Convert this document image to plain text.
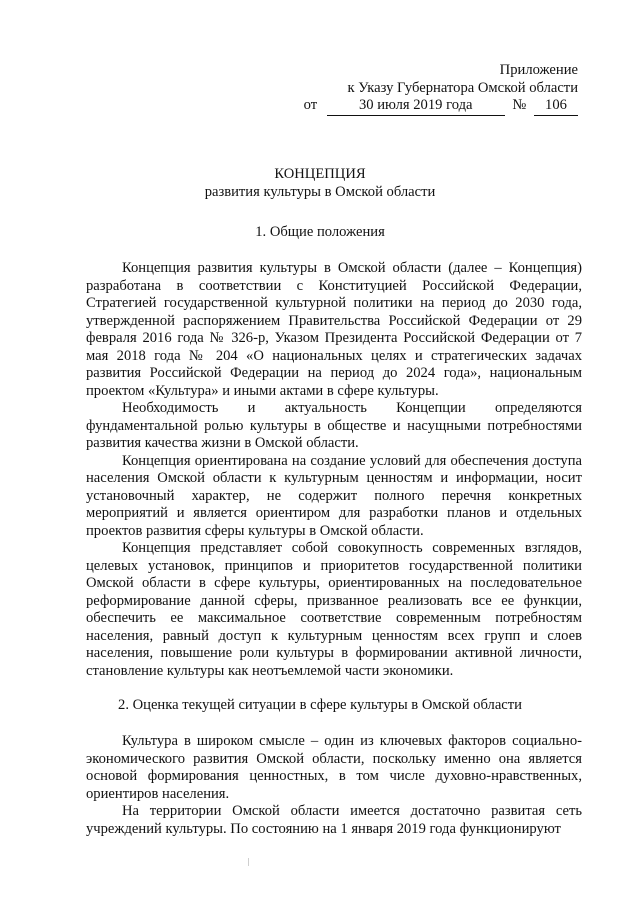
Приложение
к Указу Губернатора Омской области
от	30 июля 2019 года	№ 106
КОНЦЕПЦИЯ
развития культуры в Омской области
1. Общие положения

Концепция развития культуры в Омской области (далее – Концепция) разработана в соответствии с Конституцией Российской Федерации, Стратегией государственной культурной политики на период до 2030 года, утвержденной распоряжением Правительства Российской Федерации от 29 февраля 2016 года № 326-р, Указом Президента Российской Федерации от 7 мая 2018 года № 204 «О национальных целях и стратегических задачах развития Российской Федерации на период до 2024 года», национальным проектом «Культура» и иными актами в сфере культуры.

Необходимость и актуальность Концепции определяются фундаментальной ролью культуры в обществе и насущными потребностями развития качества жизни в Омской области.

Концепция ориентирована на создание условий для обеспечения доступа населения Омской области к культурным ценностям и информации, носит установочный характер, не содержит полного перечня конкретных мероприятий и является ориентиром для разработки планов и отдельных проектов развития сферы культуры в Омской области.

Концепция представляет собой совокупность современных взглядов, целевых установок, принципов и приоритетов государственной политики Омской области в сфере культуры, ориентированных на последовательное реформирование данной сферы, призванное реализовать все ее функции, обеспечить ее максимальное соответствие современным потребностям населения, равный доступ к культурным ценностям всех групп и слоев населения, повышение роли культуры в формировании активной личности, становление культуры как неотъемлемой части экономики.

2. Оценка текущей ситуации в сфере культуры в Омской области

Культура в широком смысле – один из ключевых факторов социально-экономического развития Омской области, поскольку именно она является основой формирования ценностных, в том числе духовно-нравственных, ориентиров населения.

На территории Омской области имеется достаточно развитая сеть учреждений культуры. По состоянию на 1 января 2019 года функционируют
